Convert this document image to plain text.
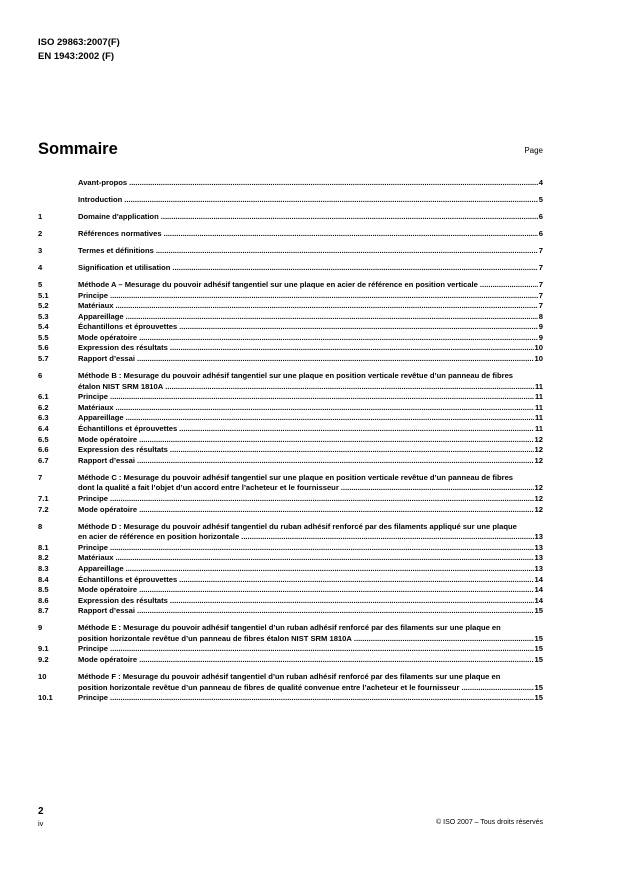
ISO 29863:2007(F)
EN 1943:2002 (F)
Sommaire	Page
Avant-propos .....	4
Introduction .....	5
1	Domaine d'application .....	6
2	Références normatives .....	6
3	Termes et définitions .....	7
4	Signification et utilisation .....	7
5	Méthode A – Mesurage du pouvoir adhésif tangentiel sur une plaque en acier de référence en position verticale .....	7
5.1	Principe .....	7
5.2	Matériaux .....	7
5.3	Appareillage .....	8
5.4	Échantillons et éprouvettes .....	9
5.5	Mode opératoire .....	9
5.6	Expression des résultats .....	10
5.7	Rapport d’essai .....	10
6	Méthode B : Mesurage du pouvoir adhésif tangentiel sur une plaque en position verticale revêtue d’un panneau de fibres étalon NIST SRM 1810A .....	11
6.1	Principe .....	11
6.2	Matériaux .....	11
6.3	Appareillage .....	11
6.4	Échantillons et éprouvettes .....	11
6.5	Mode opératoire .....	12
6.6	Expression des résultats .....	12
6.7	Rapport d’essai .....	12
7	Méthode C : Mesurage du pouvoir adhésif tangentiel sur une plaque en position verticale revêtue d’un panneau de fibres dont la qualité a fait l’objet d’un accord entre l’acheteur et le fournisseur .....	12
7.1	Principe .....	12
7.2	Mode opératoire .....	12
8	Méthode D : Mesurage du pouvoir adhésif tangentiel du ruban adhésif renforcé par des filaments appliqué sur une plaque en acier de référence en position horizontale .....	13
8.1	Principe .....	13
8.2	Matériaux .....	13
8.3	Appareillage .....	13
8.4	Échantillons et éprouvettes .....	14
8.5	Mode opératoire .....	14
8.6	Expression des résultats .....	14
8.7	Rapport d’essai .....	15
9	Méthode E : Mesurage du pouvoir adhésif tangentiel d’un ruban adhésif renforcé par des filaments sur une plaque en position horizontale revêtue d’un panneau de fibres étalon NIST SRM 1810A .....	15
9.1	Principe .....	15
9.2	Mode opératoire .....	15
10	Méthode F : Mesurage du pouvoir adhésif tangentiel d’un ruban adhésif renforcé par des filaments sur une plaque en position horizontale revêtue d’un panneau de fibres de qualité convenue entre l’acheteur et le fournisseur .....	15
10.1	Principe .....	15
2
iv	© ISO 2007 – Tous droits réservés
